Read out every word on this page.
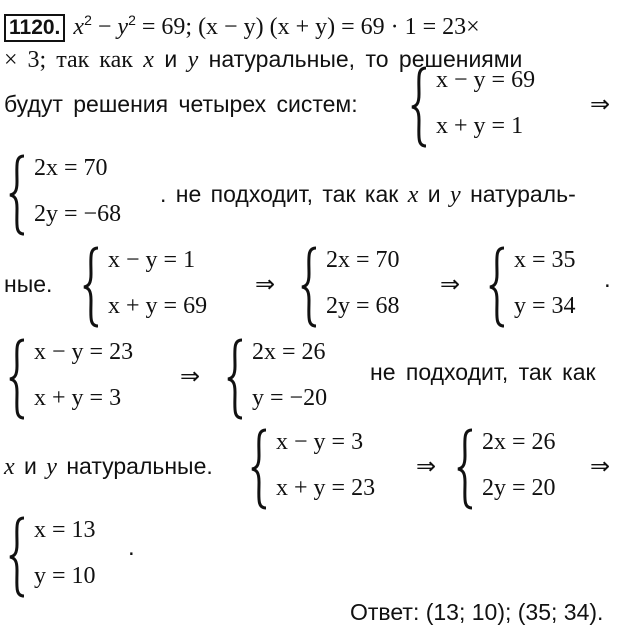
1120. $x^2 - y^2 = 69$; (x − y) (x + y) = 69 · 1 = 23×
× 3; так как x и y натуральные, то решениями
будут решения четырех систем:
x − y = 69
x + y = 1
⇒
2x = 70
2y = −68
. не подходит, так как x и y натураль-
ные.
x − y = 1
x + y = 69
⇒
2x = 70
2y = 68
⇒
x = 35
y = 34
.
x − y = 23
x + y = 3
⇒
2x = 26
y = −20
не подходит, так как
x и y натуральные.
x − y = 3
x + y = 23
⇒
2x = 26
2y = 20
⇒
x = 13
y = 10
.
Ответ: (13; 10); (35; 34).
